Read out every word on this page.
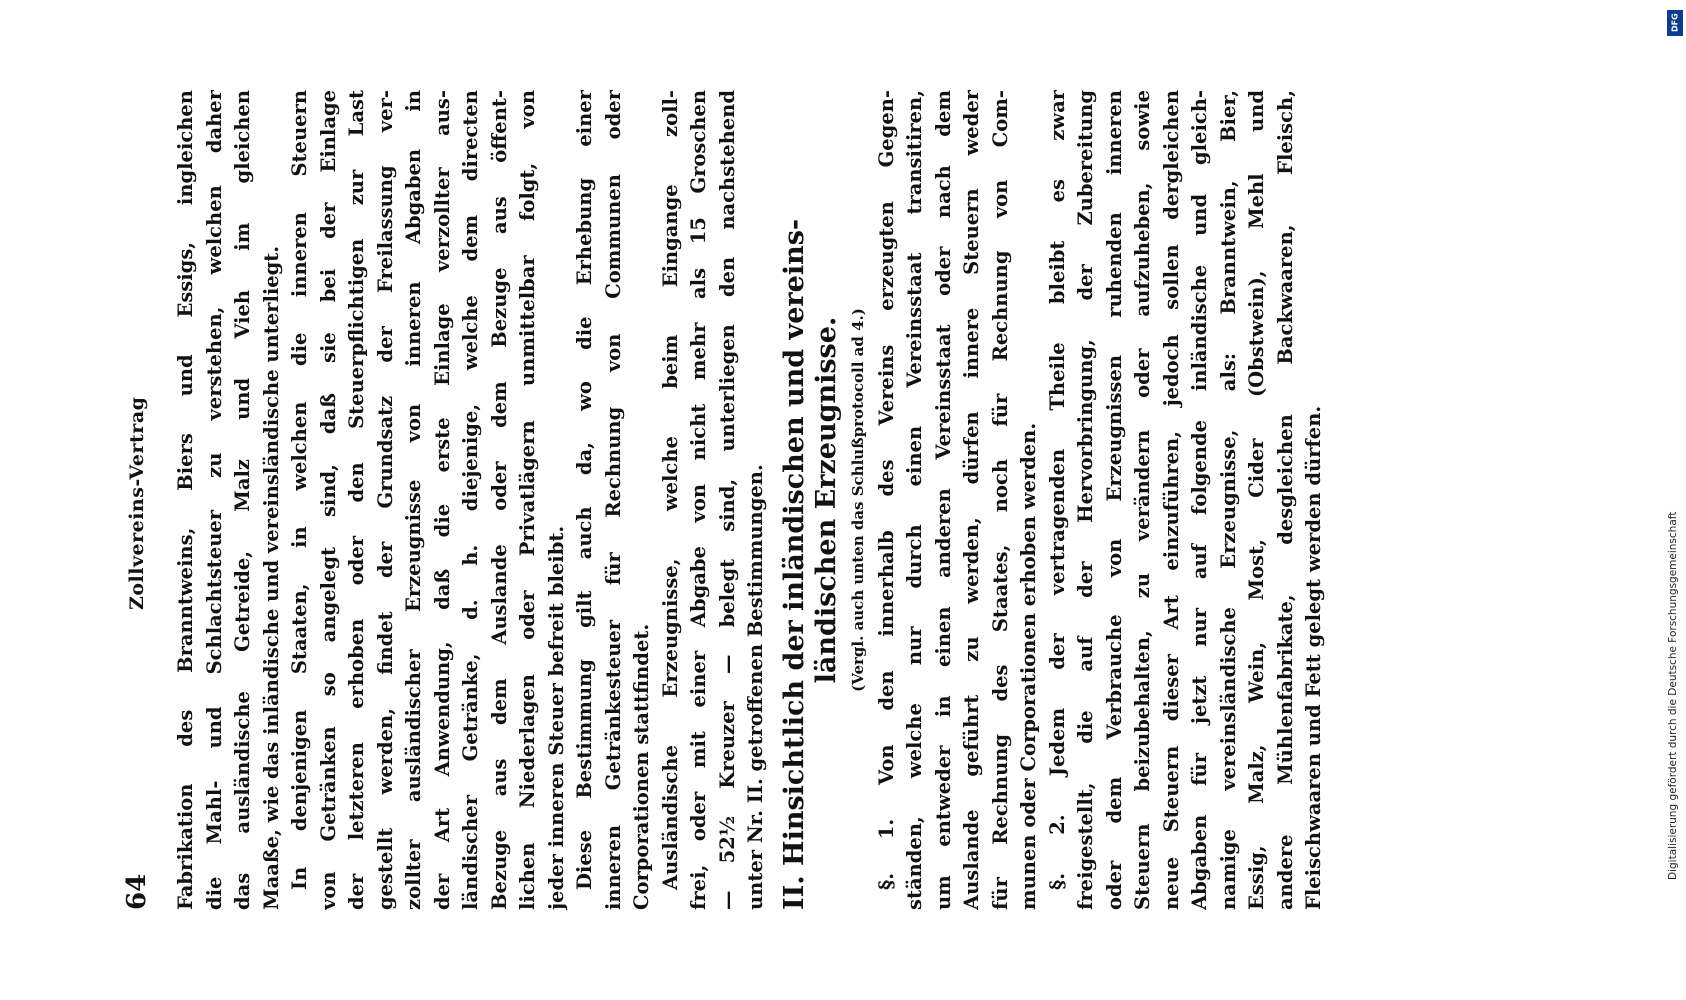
64
Zollvereins-Vertrag Fabrikation des Branntweins, Biers und Essigs, ingleichen die Mahl- und Schlachtsteuer zu verstehen, welchen daher das ausländische Getreide, Malz und Vieh im gleichen Maaße, wie das inländische und vereinsländische unterliegt. In denjenigen Staaten, in welchen die inneren Steuern von Getränken so angelegt sind, daß sie bei der Einlage der letzteren erhoben oder den Steuerpflichtigen zur Last gestellt werden, findet der Grundsatz der Freilassung ver- zollter ausländischer Erzeugnisse von inneren Abgaben in der Art Anwendung, daß die erste Einlage verzollter aus- ländischer Getränke, d. h. diejenige, welche dem directen Bezuge aus dem Auslande oder dem Bezuge aus öffent- lichen Niederlagen oder Privatlägern unmittelbar folgt, von jeder inneren Steuer befreit bleibt. Diese Bestimmung gilt auch da, wo die Erhebung einer inneren Getränkesteuer für Rechnung von Communen oder Corporationen stattfindet. Ausländische Erzeugnisse, welche beim Eingange zoll- frei, oder mit einer Abgabe von nicht mehr als 15 Groschen — 52½ Kreuzer — belegt sind, unterliegen den nachstehend unter Nr. II. getroffenen Bestimmungen. II. Hinsichtlich der inländischen und vereins- ländischen Erzeugnisse. (Vergl. auch unten das Schlußprotocoll ad 4.) §. 1. Von den innerhalb des Vereins erzeugten Gegen- ständen, welche nur durch einen Vereinsstaat transitiren, um entweder in einen anderen Vereinsstaat oder nach dem Auslande geführt zu werden, dürfen innere Steuern weder für Rechnung des Staates, noch für Rechnung von Com- munen oder Corporationen erhoben werden. §. 2. Jedem der vertragenden Theile bleibt es zwar freigestellt, die auf der Hervorbringung, der Zubereitung oder dem Verbrauche von Erzeugnissen ruhenden inneren Steuern beizubehalten, zu verändern oder aufzuheben, sowie neue Steuern dieser Art einzuführen, jedoch sollen dergleichen Abgaben für jetzt nur auf folgende inländische und gleich- namige vereinsländische Erzeugnisse, als: Branntwein, Bier, Essig, Malz, Wein, Most, Cider (Obstwein), Mehl und andere Mühlenfabrikate, desgleichen Backwaaren, Fleisch, Fleischwaaren und Fett gelegt werden dürfen.
DFG
Digitalisierung gefördert durch die Deutsche Forschungsgemeinschaft
